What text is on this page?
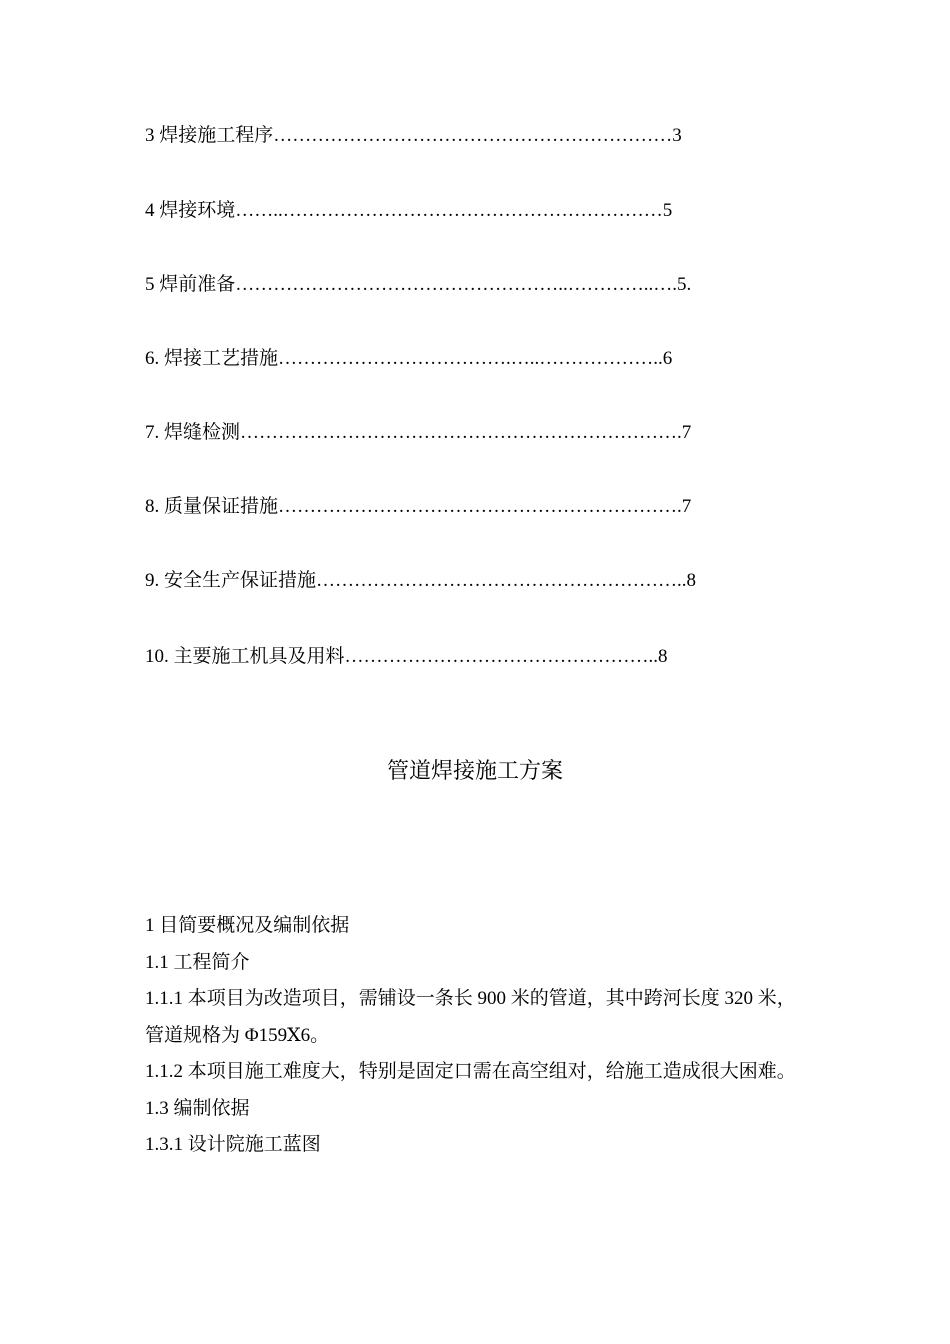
3 焊接施工程序………………………………………………………3
4 焊接环境……..……………………………………………………5
5 焊前准备……………………………………………..…………..….5.
6. 焊接工艺措施……………………………….…..………………..6
7. 焊缝检测…………………………………………………………….7
8. 质量保证措施……………………………………………………….7
9. 安全生产保证措施…………………………………………………..8
10. 主要施工机具及用料…………………………………………..8
管道焊接施工方案

1 目简要概况及编制依据

1.1 工程简介

1.1.1 本项目为改造项目，需铺设一条长 900 米的管道，其中跨河长度 320 米，管道规格为 Φ159Ⅹ6。

1.1.2 本项目施工难度大，特别是固定口需在高空组对，给施工造成很大困难。

1.3 编制依据

1.3.1 设计院施工蓝图
